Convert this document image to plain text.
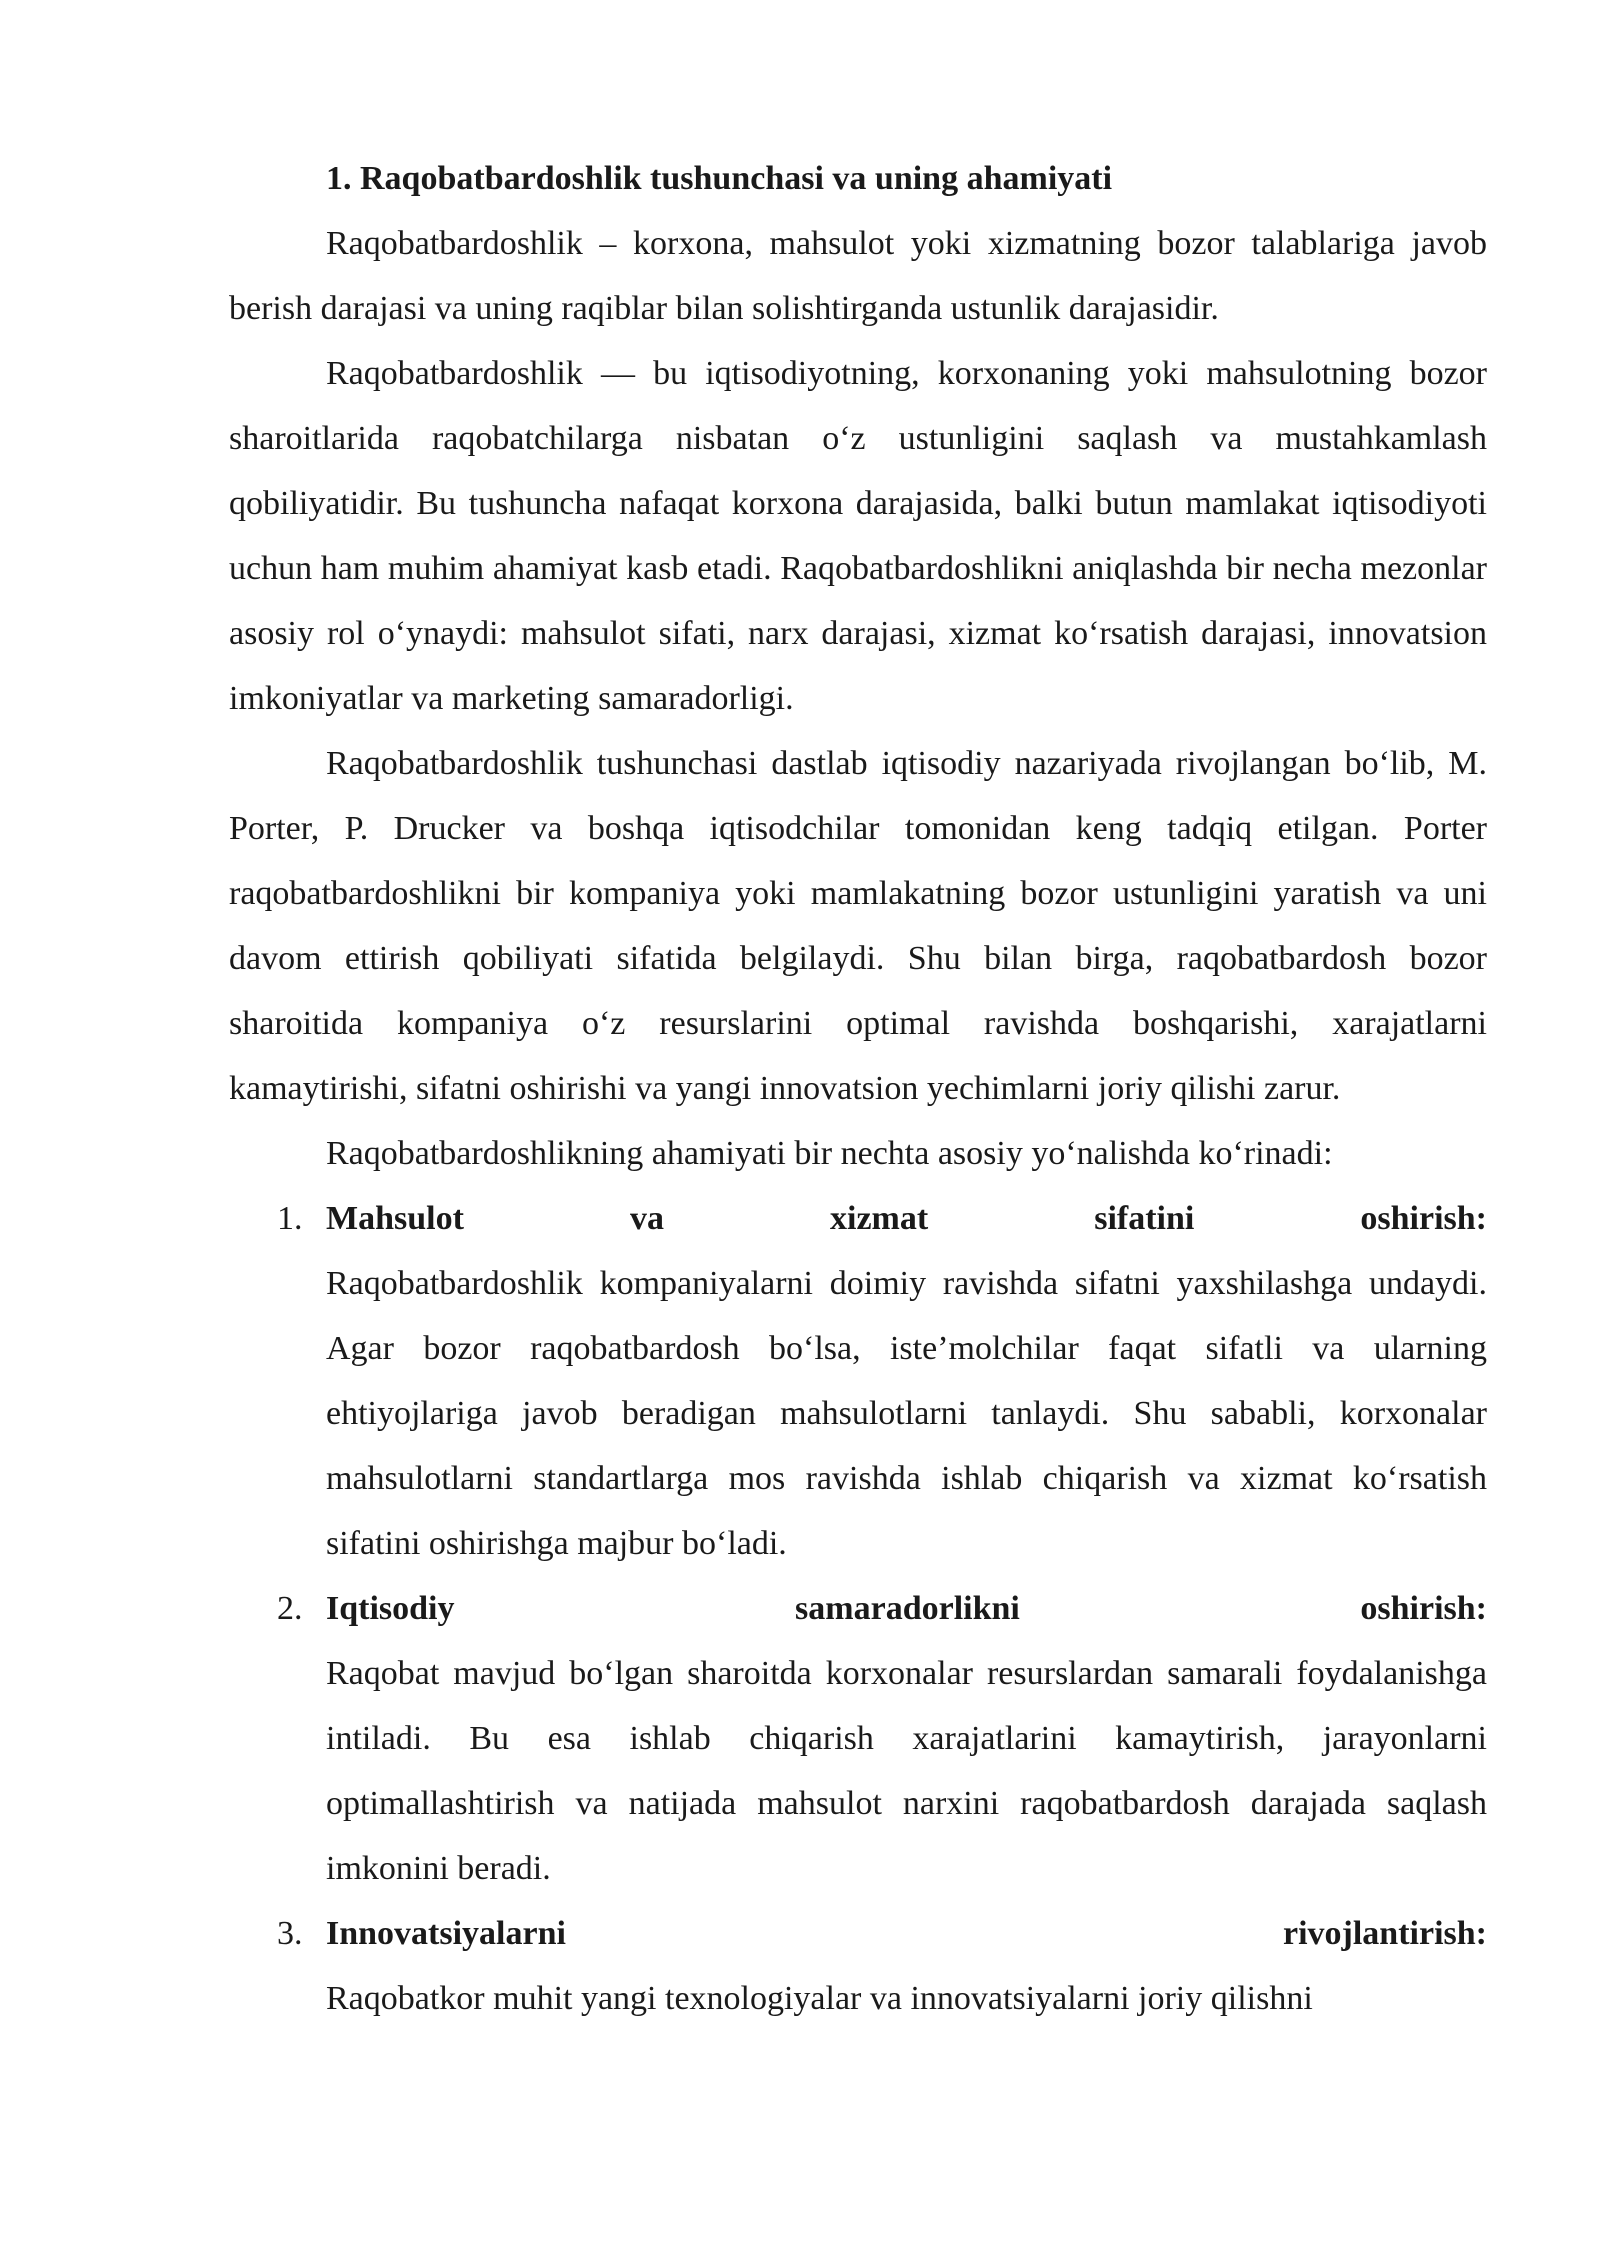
1. Raqobatbardoshlik tushunchasi va uning ahamiyati

Raqobatbardoshlik – korxona, mahsulot yoki xizmatning bozor talablariga javob berish darajasi va uning raqiblar bilan solishtirganda ustunlik darajasidir.

Raqobatbardoshlik — bu iqtisodiyotning, korxonaning yoki mahsulotning bozor sharoitlarida raqobatchilarga nisbatan o‘z ustunligini saqlash va mustahkamlash qobiliyatidir. Bu tushuncha nafaqat korxona darajasida, balki butun mamlakat iqtisodiyoti uchun ham muhim ahamiyat kasb etadi. Raqobatbardoshlikni aniqlashda bir necha mezonlar asosiy rol o‘ynaydi: mahsulot sifati, narx darajasi, xizmat ko‘rsatish darajasi, innovatsion imkoniyatlar va marketing samaradorligi.

Raqobatbardoshlik tushunchasi dastlab iqtisodiy nazariyada rivojlangan bo‘lib, M. Porter, P. Drucker va boshqa iqtisodchilar tomonidan keng tadqiq etilgan. Porter raqobatbardoshlikni bir kompaniya yoki mamlakatning bozor ustunligini yaratish va uni davom ettirish qobiliyati sifatida belgilaydi. Shu bilan birga, raqobatbardosh bozor sharoitida kompaniya o‘z resurslarini optimal ravishda boshqarishi, xarajatlarni kamaytirishi, sifatni oshirishi va yangi innovatsion yechimlarni joriy qilishi zarur.

Raqobatbardoshlikning ahamiyati bir nechta asosiy yo‘nalishda ko‘rinadi:

1. Mahsulot va xizmat sifatini oshirish:
Raqobatbardoshlik kompaniyalarni doimiy ravishda sifatni yaxshilashga undaydi. Agar bozor raqobatbardosh bo‘lsa, iste’molchilar faqat sifatli va ularning ehtiyojlariga javob beradigan mahsulotlarni tanlaydi. Shu sababli, korxonalar mahsulotlarni standartlarga mos ravishda ishlab chiqarish va xizmat ko‘rsatish sifatini oshirishga majbur bo‘ladi.
2. Iqtisodiy samaradorlikni oshirish:
Raqobat mavjud bo‘lgan sharoitda korxonalar resurslardan samarali foydalanishga intiladi. Bu esa ishlab chiqarish xarajatlarini kamaytirish, jarayonlarni optimallashtirish va natijada mahsulot narxini raqobatbardosh darajada saqlash imkonini beradi.
3. Innovatsiyalarni rivojlantirish:
Raqobatkor muhit yangi texnologiyalar va innovatsiyalarni joriy qilishni
